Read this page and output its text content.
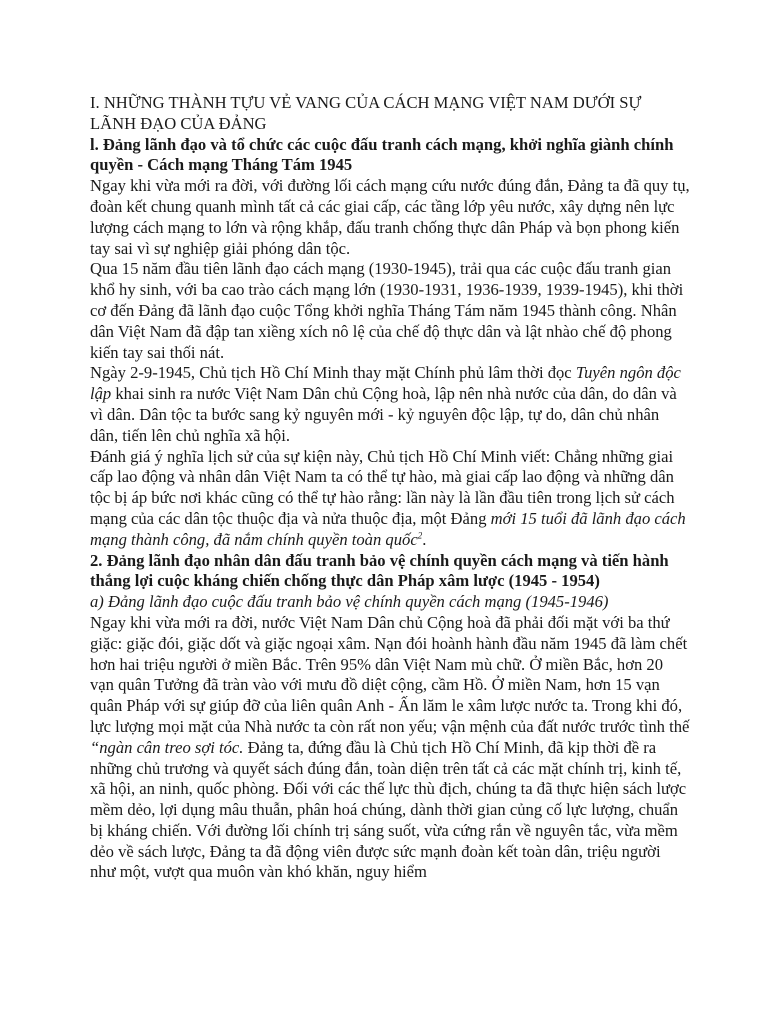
I. NHỮNG THÀNH TỰU VẺ VANG CỦA CÁCH MẠNG VIỆT NAM DƯỚI SỰ LÃNH ĐẠO CỦA ĐẢNG

l. Đảng lãnh đạo và tổ chức các cuộc đấu tranh cách mạng, khởi nghĩa giành chính quyền - Cách mạng Tháng Tám 1945

Ngay khi vừa mới ra đời, với đường lối cách mạng cứu nước đúng đắn, Đảng ta đã quy tụ, đoàn kết chung quanh mình tất cả các giai cấp, các tầng lớp yêu nước, xây dựng nên lực lượng cách mạng to lớn và rộng khắp, đấu tranh chống thực dân Pháp và bọn phong kiến tay sai vì sự nghiệp giải phóng dân tộc.

Qua 15 năm đầu tiên lãnh đạo cách mạng (1930-1945), trải qua các cuộc đấu tranh gian khổ hy sinh, với ba cao trào cách mạng lớn (1930-1931, 1936-1939, 1939-1945), khi thời cơ đến Đảng đã lãnh đạo cuộc Tổng khởi nghĩa Tháng Tám năm 1945 thành công. Nhân dân Việt Nam đã đập tan xiềng xích nô lệ của chế độ thực dân và lật nhào chế độ phong kiến tay sai thối nát.

Ngày 2-9-1945, Chủ tịch Hồ Chí Minh thay mặt Chính phủ lâm thời đọc Tuyên ngôn độc lập khai sinh ra nước Việt Nam Dân chủ Cộng hoà, lập nên nhà nước của dân, do dân và vì dân. Dân tộc ta bước sang kỷ nguyên mới - kỷ nguyên độc lập, tự do, dân chủ nhân dân, tiến lên chủ nghĩa xã hội.

Đánh giá ý nghĩa lịch sử của sự kiện này, Chủ tịch Hồ Chí Minh viết: Chẳng những giai cấp lao động và nhân dân Việt Nam ta có thể tự hào, mà giai cấp lao động và những dân tộc bị áp bức nơi khác cũng có thể tự hào rằng: lần này là lần đầu tiên trong lịch sử cách mạng của các dân tộc thuộc địa và nửa thuộc địa, một Đảng mới 15 tuổi đã lãnh đạo cách mạng thành công, đã nắm chính quyền toàn quốc$^2$.

2. Đảng lãnh đạo nhân dân đấu tranh bảo vệ chính quyền cách mạng và tiến hành thắng lợi cuộc kháng chiến chống thực dân Pháp xâm lược (1945 - 1954)

a) Đảng lãnh đạo cuộc đấu tranh bảo vệ chính quyền cách mạng (1945-1946)

Ngay khi vừa mới ra đời, nước Việt Nam Dân chủ Cộng hoà đã phải đối mặt với ba thứ giặc: giặc đói, giặc dốt và giặc ngoại xâm. Nạn đói hoành hành đầu năm 1945 đã làm chết hơn hai triệu người ở miền Bắc. Trên 95% dân Việt Nam mù chữ. Ở miền Bắc, hơn 20 vạn quân Tưởng đã tràn vào với mưu đồ diệt cộng, cầm Hồ. Ở miền Nam, hơn 15 vạn quân Pháp với sự giúp đỡ của liên quân Anh - Ấn lăm le xâm lược nước ta. Trong khi đó, lực lượng mọi mặt của Nhà nước ta còn rất non yếu; vận mệnh của đất nước trước tình thế “ngàn cân treo sợi tóc. Đảng ta, đứng đầu là Chủ tịch Hồ Chí Minh, đã kịp thời đề ra những chủ trương và quyết sách đúng đắn, toàn diện trên tất cả các mặt chính trị, kinh tế, xã hội, an ninh, quốc phòng. Đối với các thế lực thù địch, chúng ta đã thực hiện sách lược mềm dẻo, lợi dụng mâu thuẫn, phân hoá chúng, dành thời gian củng cố lực lượng, chuẩn bị kháng chiến. Với đường lối chính trị sáng suốt, vừa cứng rắn về nguyên tắc, vừa mềm dẻo về sách lược, Đảng ta đã động viên được sức mạnh đoàn kết toàn dân, triệu người như một, vượt qua muôn vàn khó khăn, nguy hiểm
